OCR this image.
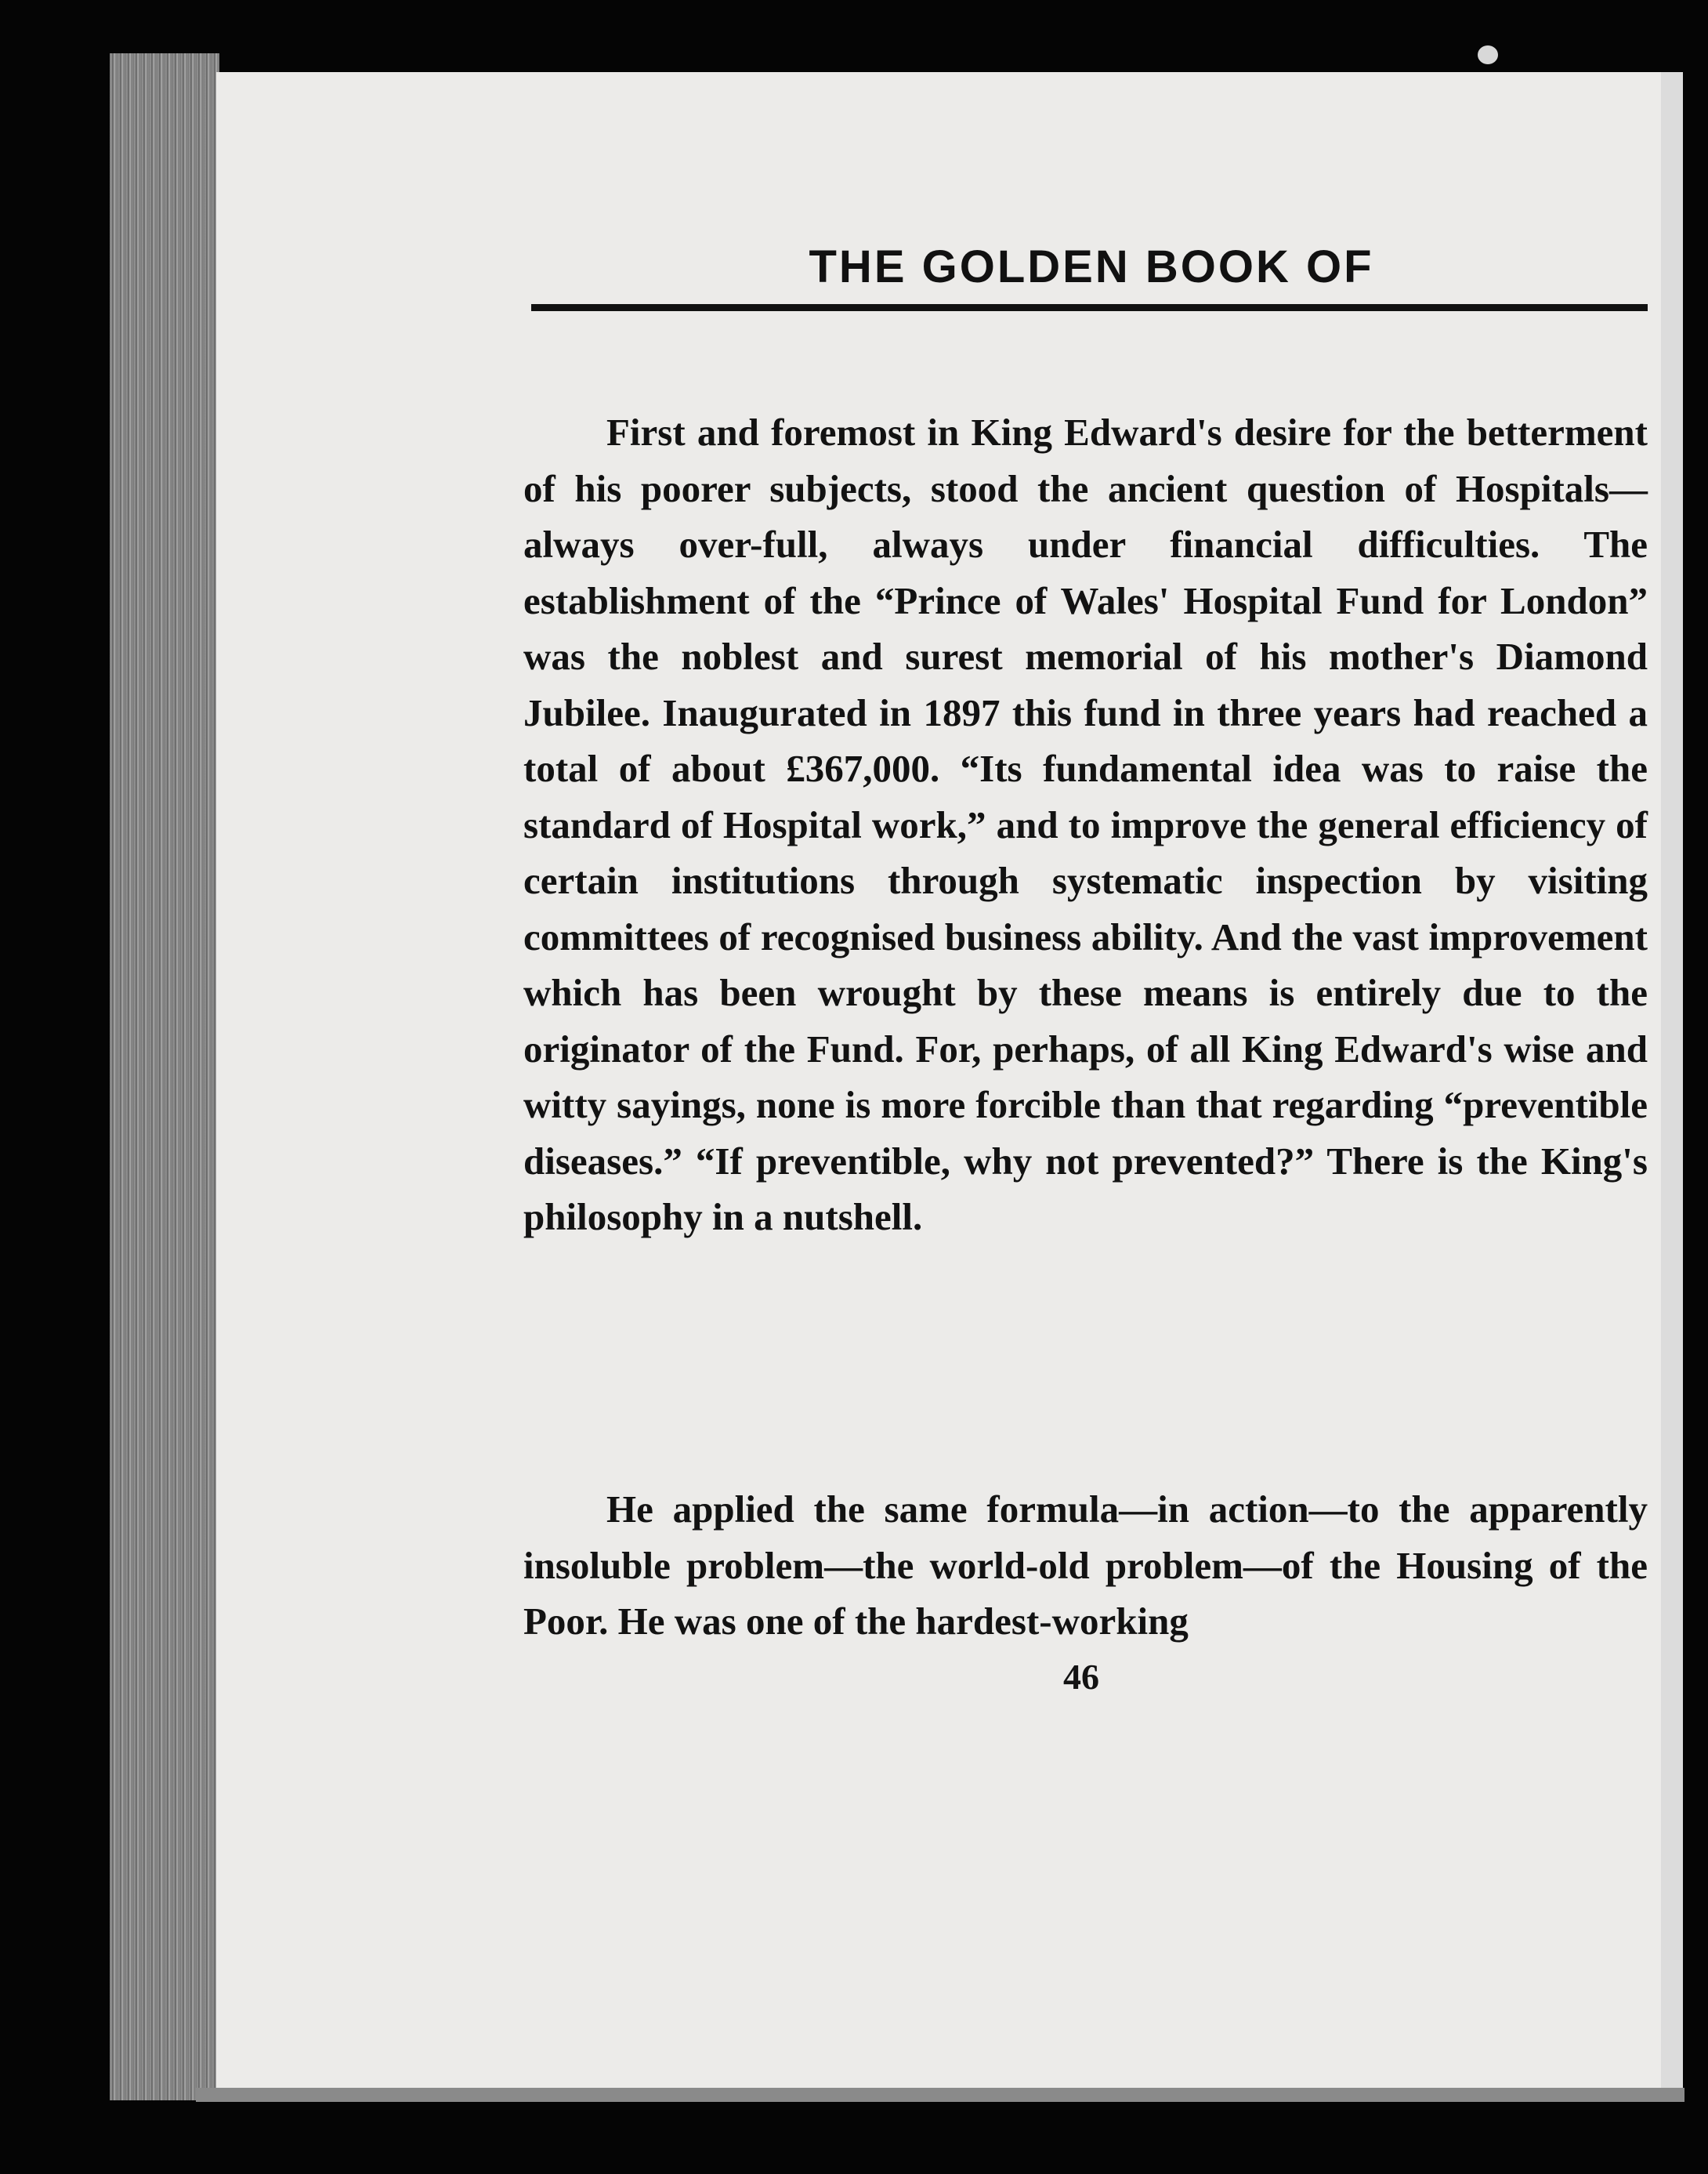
THE GOLDEN BOOK OF

First and foremost in King Edward's desire for the betterment of his poorer subjects, stood the ancient question of Hospitals—always over-full, always under financial difficulties. The establishment of the “Prince of Wales' Hospital Fund for London” was the noblest and surest memorial of his mother's Diamond Jubilee. Inaugurated in 1897 this fund in three years had reached a total of about £367,000. “Its fundamental idea was to raise the standard of Hospital work,” and to improve the general efficiency of certain institutions through systematic inspection by visiting committees of recognised business ability. And the vast improvement which has been wrought by these means is entirely due to the originator of the Fund. For, perhaps, of all King Edward's wise and witty sayings, none is more forcible than that regarding “preventible diseases.” “If preventible, why not prevented?” There is the King's philosophy in a nutshell.

He applied the same formula—in action—to the apparently insoluble problem—the world-old problem—of the Housing of the Poor. He was one of the hardest-working

46
